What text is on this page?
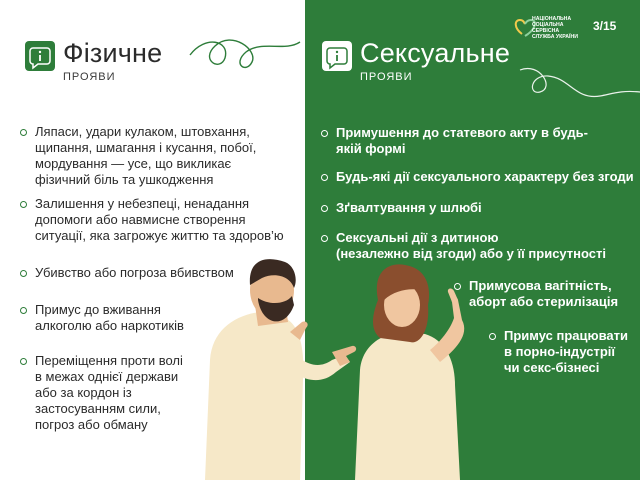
Фізичне
ПРОЯВИ
Сексуальне
ПРОЯВИ
НАЦІОНАЛЬНА
СОЦІАЛЬНА СЕРВІСНА
СЛУЖБА УКРАЇНИ
3/15
Ляпаси, удари кулаком, штовхання,
щипання, шмагання і кусання, побої,
мордування — усе, що викликає
фізичний біль та ушкодження
Залишення у небезпеці, ненадання
допомоги або навмисне створення
ситуації, яка загрожує життю та здоров’ю
Убивство або погроза вбивством
Примус до вживання
алкоголю або наркотиків
Переміщення проти волі
в межах однієї держави
або за кордон із
застосуванням сили,
погроз або обману
Примушення до статевого акту в будь-
якій формі
Будь-які дії сексуального характеру без згоди
Зґвалтування у шлюбі
Сексуальні дії з дитиною
(незалежно від згоди) або у її присутності
Примусова вагітність,
аборт або стерилізація
Примус працювати
в порно-індустрії
чи секс-бізнесі
